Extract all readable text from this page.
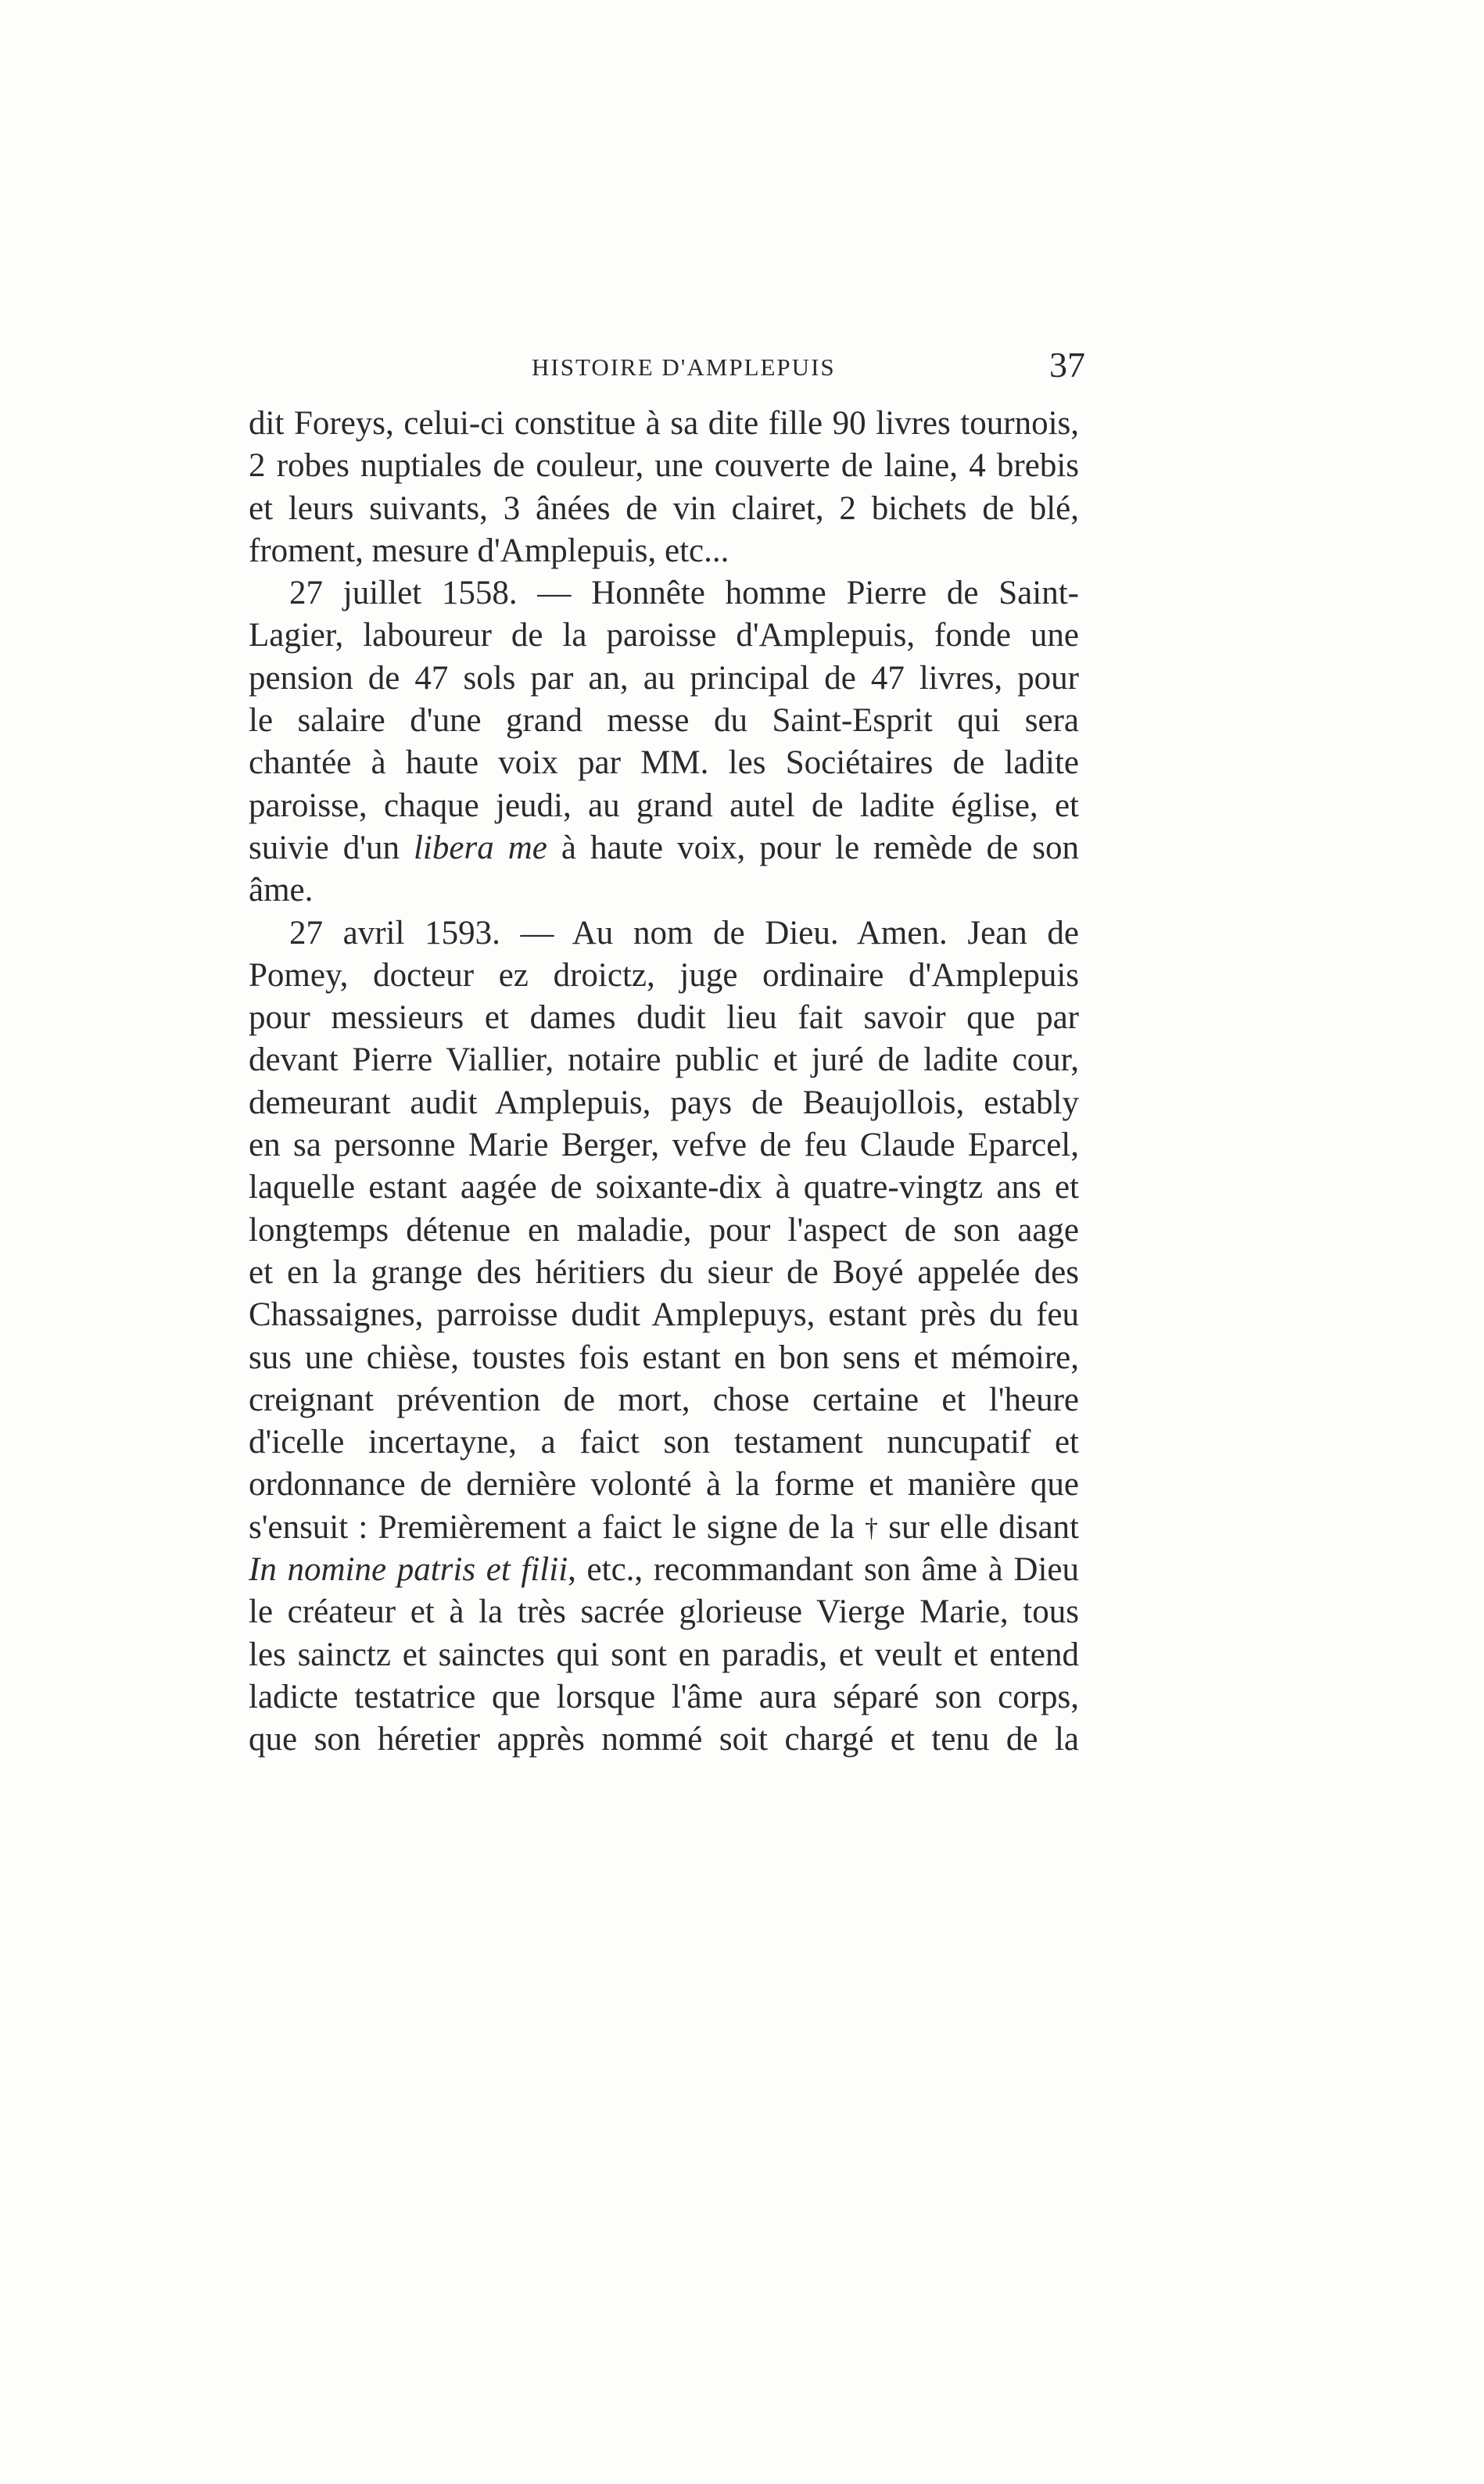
HISTOIRE D'AMPLEPUIS	37
dit Foreys, celui-ci constitue à sa dite fille 90 livres tournois,
2 robes nuptiales de couleur, une couverte de laine, 4 brebis
et leurs suivants, 3 ânées de vin clairet, 2 bichets de blé,
froment, mesure d'Amplepuis, etc...
27 juillet 1558. — Honnête homme Pierre de Saint-
Lagier, laboureur de la paroisse d'Amplepuis, fonde une
pension de 47 sols par an, au principal de 47 livres, pour
le salaire d'une grand messe du Saint-Esprit qui sera
chantée à haute voix par MM. les Sociétaires de ladite
paroisse, chaque jeudi, au grand autel de ladite église, et
suivie d'un libera me à haute voix, pour le remède de son
âme.
27 avril 1593. — Au nom de Dieu. Amen. Jean de
Pomey, docteur ez droictz, juge ordinaire d'Amplepuis
pour messieurs et dames dudit lieu fait savoir que par
devant Pierre Viallier, notaire public et juré de ladite cour,
demeurant audit Amplepuis, pays de Beaujollois, estably
en sa personne Marie Berger, vefve de feu Claude Eparcel,
laquelle estant aagée de soixante-dix à quatre-vingtz ans et
longtemps détenue en maladie, pour l'aspect de son aage
et en la grange des héritiers du sieur de Boyé appelée des
Chassaignes, parroisse dudit Amplepuys, estant près du feu
sus une chièse, toustes fois estant en bon sens et mémoire,
creignant prévention de mort, chose certaine et l'heure
d'icelle incertayne, a faict son testament nuncupatif et
ordonnance de dernière volonté à la forme et manière que
s'ensuit : Premièrement a faict le signe de la † sur elle disant
In nomine patris et filii, etc., recommandant son âme à Dieu
le créateur et à la très sacrée glorieuse Vierge Marie, tous
les sainctz et sainctes qui sont en paradis, et veult et entend
ladicte testatrice que lorsque l'âme aura séparé son corps,
que son héretier apprès nommé soit chargé et tenu de la
